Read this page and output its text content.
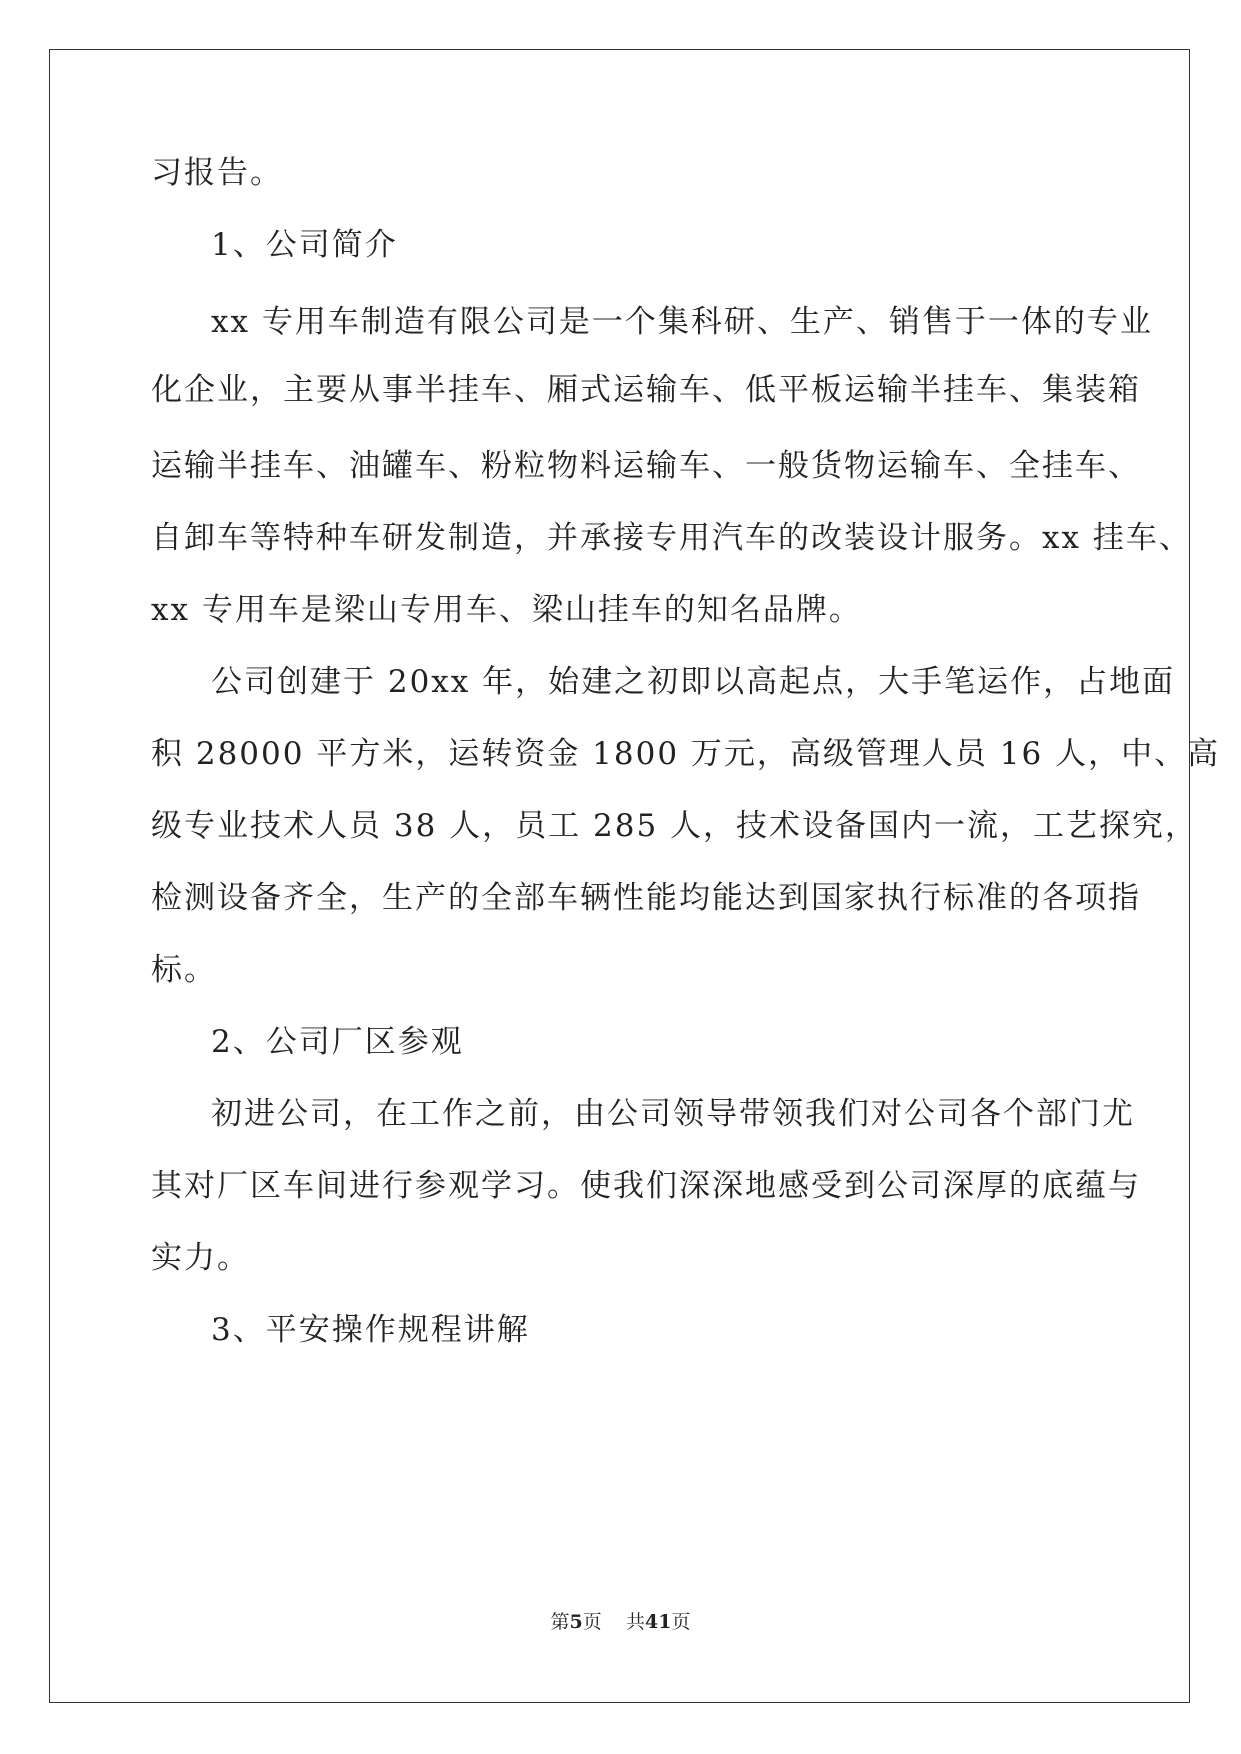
习报告。
1、公司简介
xx 专用车制造有限公司是一个集科研、生产、销售于一体的专业
化企业，主要从事半挂车、厢式运输车、低平板运输半挂车、集装箱
运输半挂车、油罐车、粉粒物料运输车、一般货物运输车、全挂车、
自卸车等特种车研发制造，并承接专用汽车的改装设计服务。xx 挂车、
xx 专用车是梁山专用车、梁山挂车的知名品牌。
公司创建于 20xx 年，始建之初即以高起点，大手笔运作，占地面
积 28000 平方米，运转资金 1800 万元，高级管理人员 16 人，中、高
级专业技术人员 38 人，员工 285 人，技术设备国内一流，工艺探究，
检测设备齐全，生产的全部车辆性能均能达到国家执行标准的各项指
标。
2、公司厂区参观
初进公司，在工作之前，由公司领导带领我们对公司各个部门尤
其对厂区车间进行参观学习。使我们深深地感受到公司深厚的底蕴与
实力。
3、平安操作规程讲解
第5页 共41页
